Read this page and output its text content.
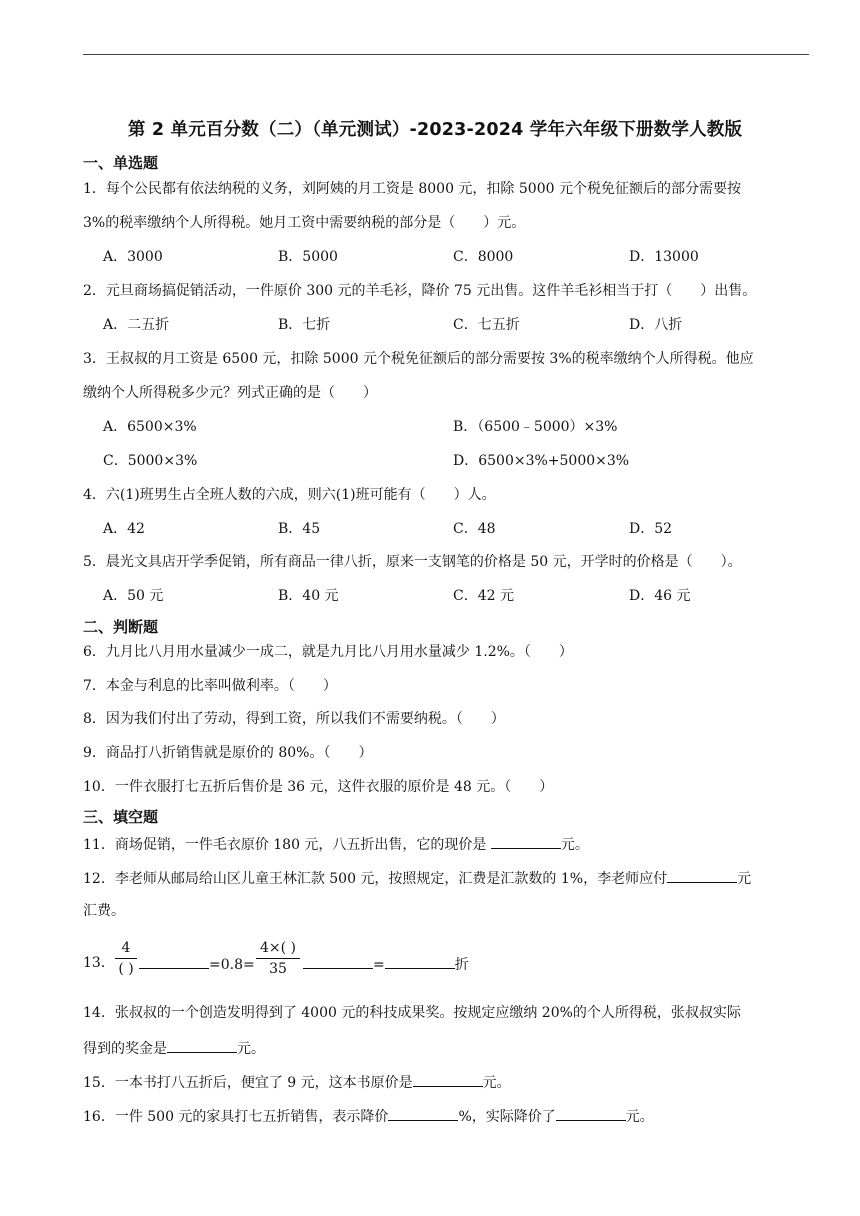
第 2 单元百分数（二）（单元测试）-2023-2024 学年六年级下册数学人教版
一、单选题
1．每个公民都有依法纳税的义务，刘阿姨的月工资是 8000 元，扣除 5000 元个税免征额后的部分需要按
3%的税率缴纳个人所得税。她月工资中需要纳税的部分是（　　）元。
A．3000	B．5000	C．8000	D．13000
2．元旦商场搞促销活动，一件原价 300 元的羊毛衫，降价 75 元出售。这件羊毛衫相当于打（　　）出售。
A．二五折	B．七折	C．七五折	D．八折
3．王叔叔的月工资是 6500 元，扣除 5000 元个税免征额后的部分需要按 3%的税率缴纳个人所得税。他应
缴纳个人所得税多少元？列式正确的是（　　）
A．6500×3%	B．（6500﹣5000）×3%
C．5000×3%	D．6500×3%+5000×3%
4．六(1)班男生占全班人数的六成，则六(1)班可能有（　　）人。
A．42	B．45	C．48	D．52
5．晨光文具店开学季促销，所有商品一律八折，原来一支钢笔的价格是 50 元，开学时的价格是（　　）。
A．50 元	B．40 元	C．42 元	D．46 元
二、判断题
6．九月比八月用水量减少一成二，就是九月比八月用水量减少 1.2%。（　　）
7．本金与利息的比率叫做利率。（　　）
8．因为我们付出了劳动，得到工资，所以我们不需要纳税。（　　）
9．商品打八折销售就是原价的 80%。（　　）
10．一件衣服打七五折后售价是 36 元，这件衣服的原价是 48 元。（　　）
三、填空题
11．商场促销，一件毛衣原价 180 元，八五折出售，它的现价是	元。
12．李老师从邮局给山区儿童王林汇款 500 元，按照规定，汇费是汇款数的 1%，李老师应付	元
汇费。
13．
4
( )	=0.8=
4×( )
35	=	折
14．张叔叔的一个创造发明得到了 4000 元的科技成果奖。按规定应缴纳 20%的个人所得税，张叔叔实际
得到的奖金是	元。
15．一本书打八五折后，便宜了 9 元，这本书原价是	元。
16．一件 500 元的家具打七五折销售，表示降价	%，实际降价了	元。
